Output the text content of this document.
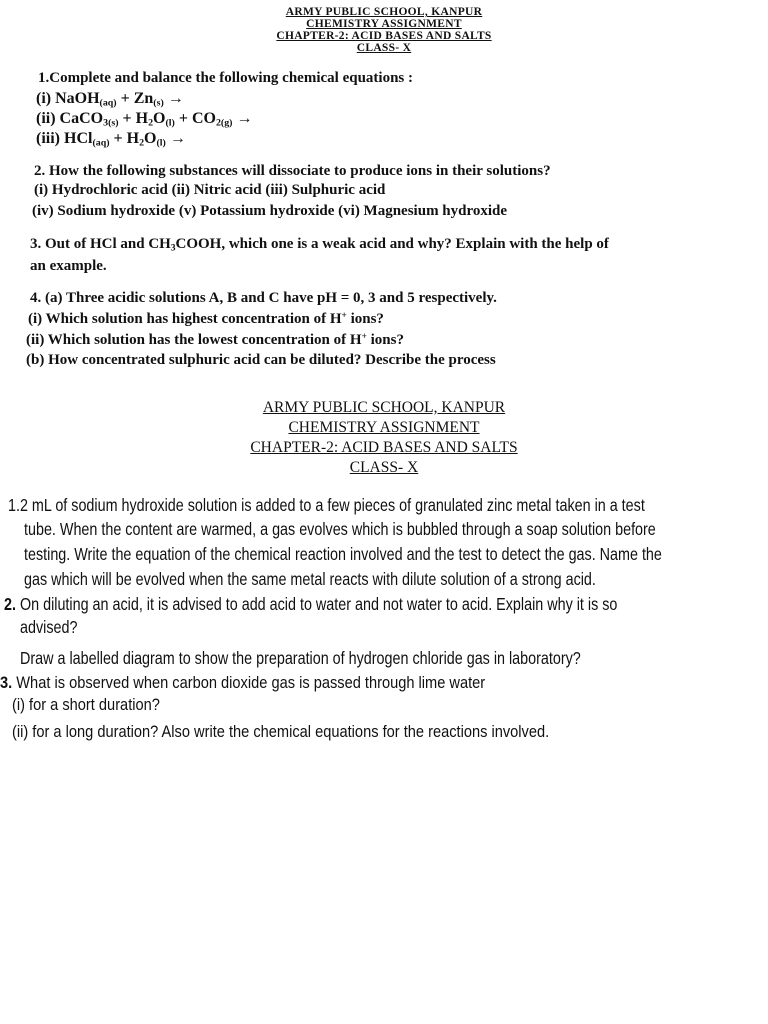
ARMY PUBLIC SCHOOL, KANPUR
CHEMISTRY ASSIGNMENT
CHAPTER-2: ACID BASES AND SALTS
CLASS- X
1.Complete and balance the following chemical equations :
(i) NaOH$_{(aq)}$ + $Zn_{(s)}$ →
(ii) CaCO$_{3(s)}$ + $H_2O_{(l)} + CO_{2(g)}$ →
(iii) $HCl_{(aq)} + H_2O_{(l)}$ →
2. How the following substances will dissociate to produce ions in their solutions?
(i) Hydrochloric acid (ii) Nitric acid (iii) Sulphuric acid
(iv) Sodium hydroxide (v) Potassium hydroxide (vi) Magnesium hydroxide
3. Out of HCl and $CH_3COOH$, which one is a weak acid and why? Explain with the help of
an example.
4. (a) Three acidic solutions A, B and C have pH = 0, 3 and 5 respectively.
(i) Which solution has highest concentration of H+ ions?
(ii) Which solution has the lowest concentration of H+ ions?
(b) How concentrated sulphuric acid can be diluted? Describe the process
ARMY PUBLIC SCHOOL, KANPUR
CHEMISTRY ASSIGNMENT
CHAPTER-2: ACID BASES AND SALTS
CLASS- X
1.2 mL of sodium hydroxide solution is added to a few pieces of granulated zinc metal taken in a test
tube. When the content are warmed, a gas evolves which is bubbled through a soap solution before
testing. Write the equation of the chemical reaction involved and the test to detect the gas. Name the
gas which will be evolved when the same metal reacts with dilute solution of a strong acid.
2. On diluting an acid, it is advised to add acid to water and not water to acid. Explain why it is so
advised?
Draw a labelled diagram to show the preparation of hydrogen chloride gas in laboratory?
3. What is observed when carbon dioxide gas is passed through lime water
(i) for a short duration?
(ii) for a long duration? Also write the chemical equations for the reactions involved.
